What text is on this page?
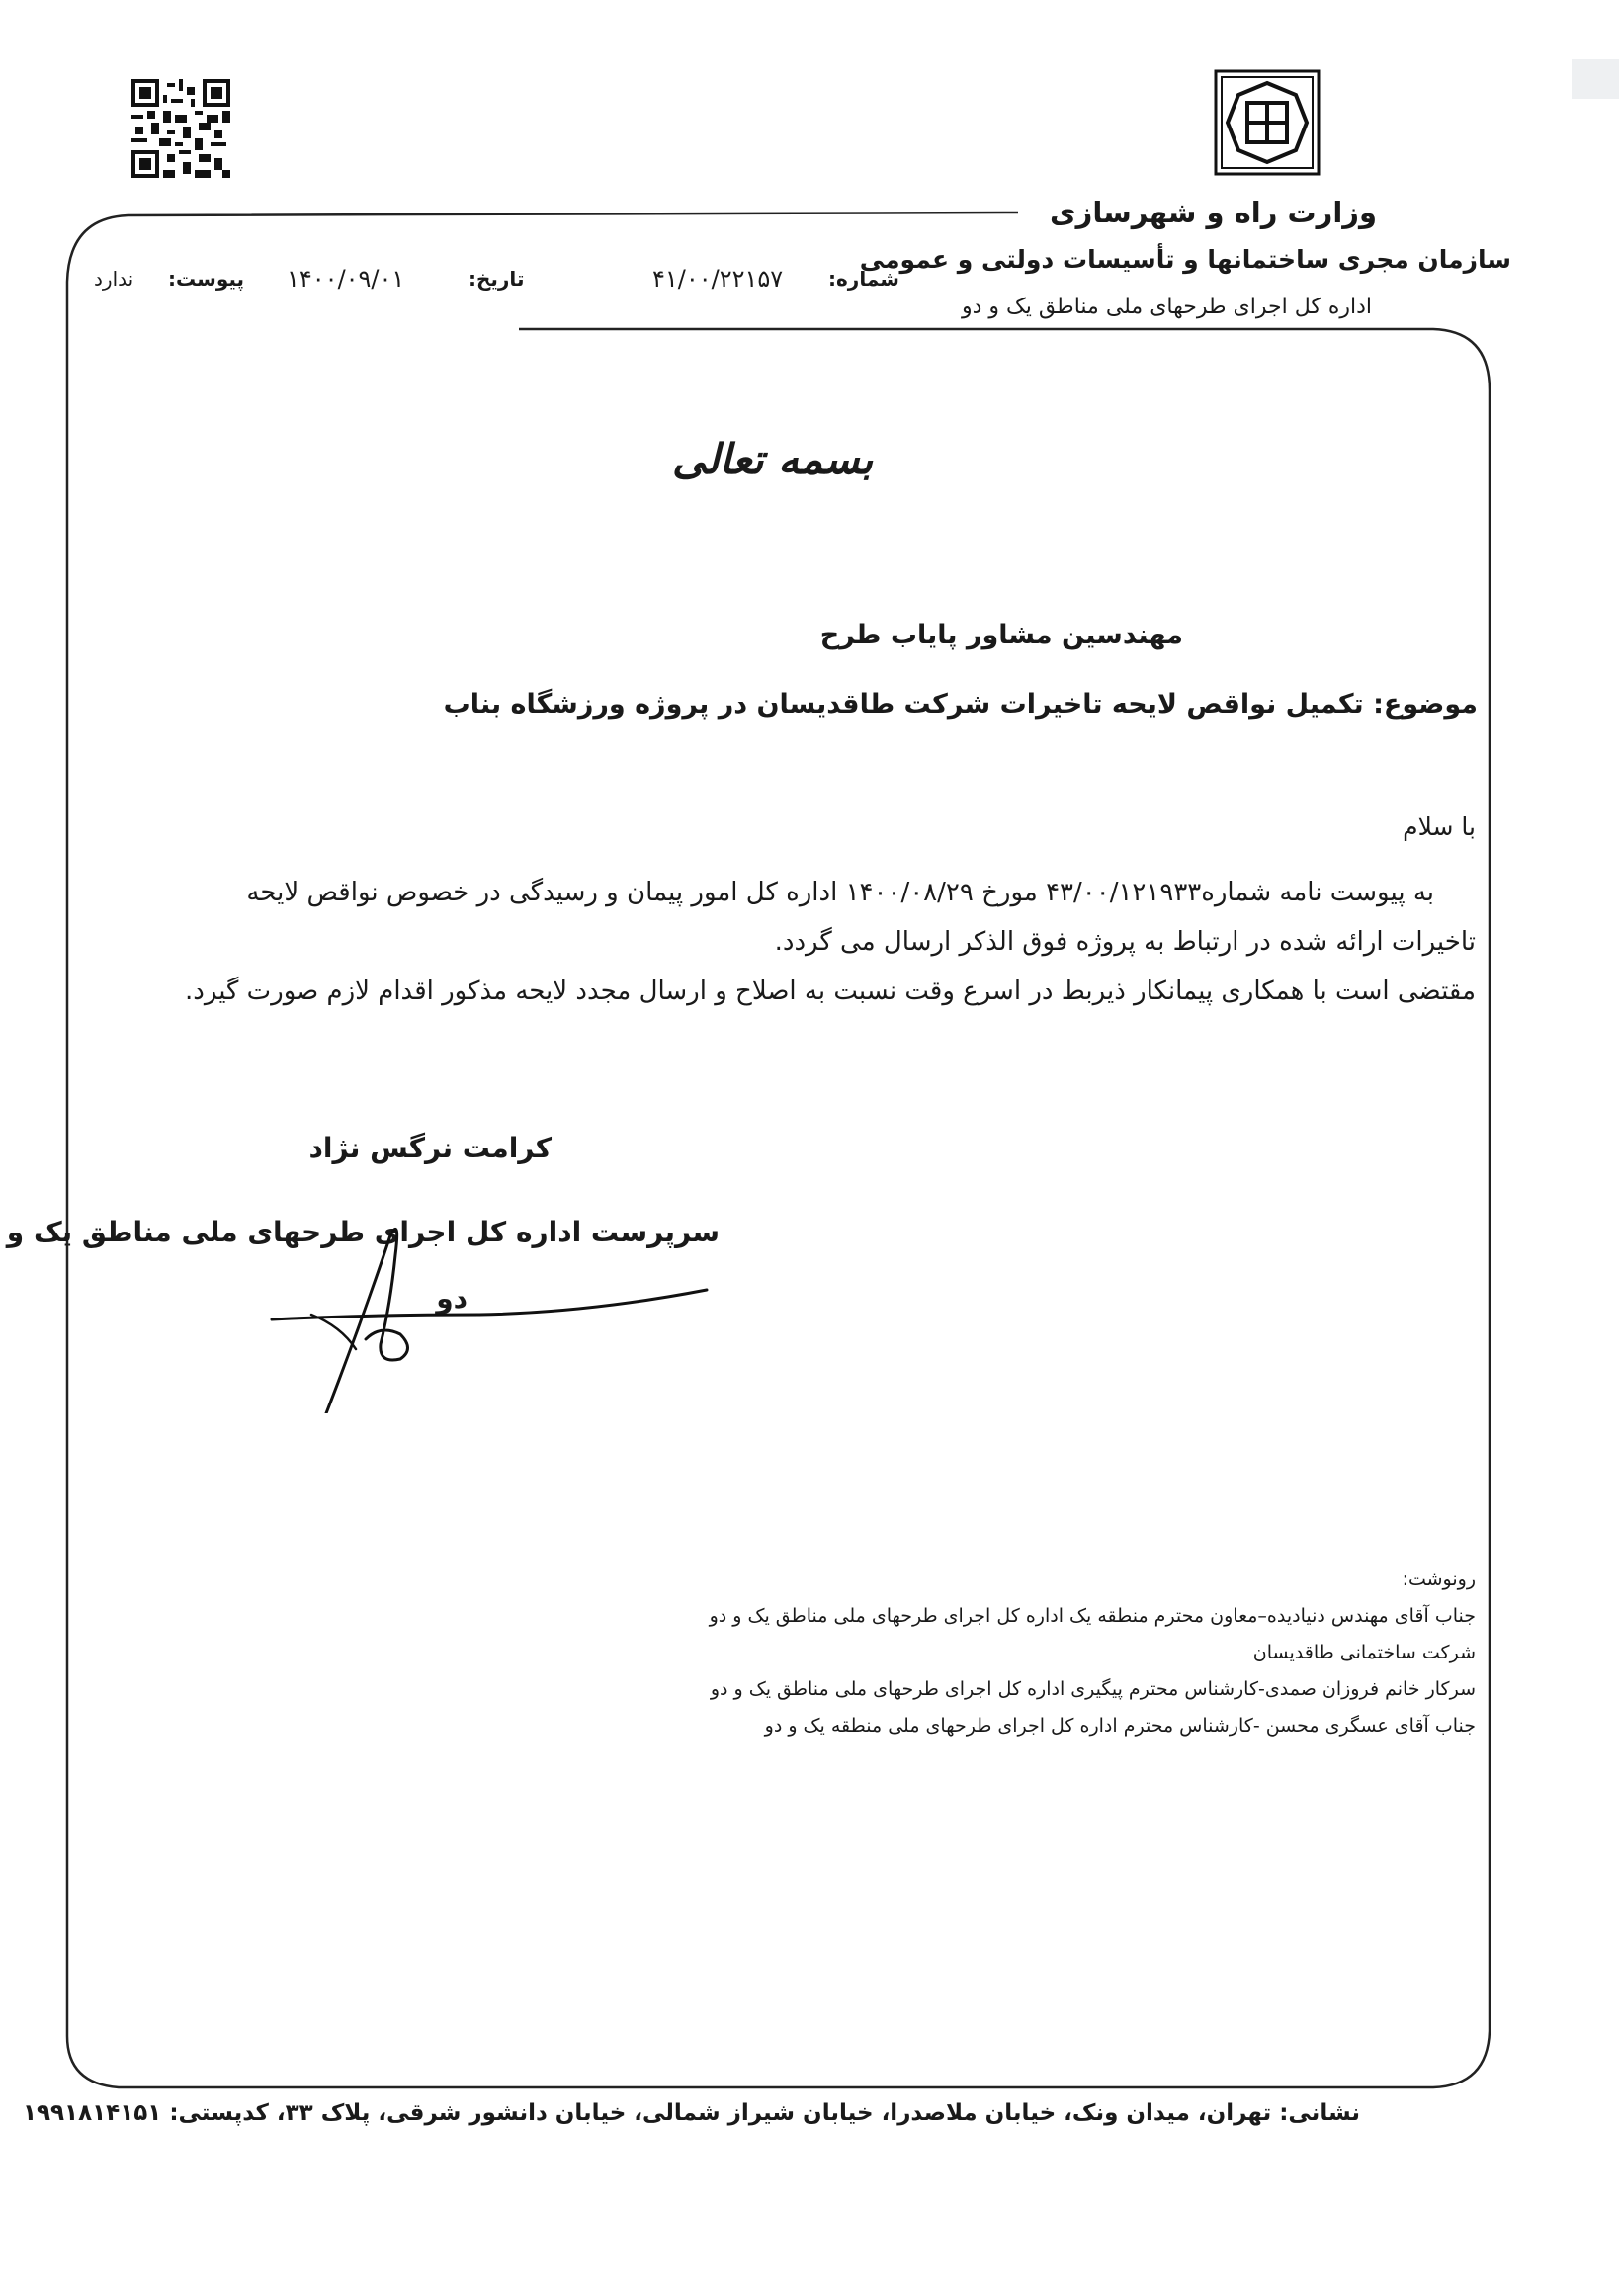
وزارت راه و شهرسازی
سازمان مجری ساختمانها و تأسیسات دولتی و عمومی
اداره کل اجرای طرحهای ملی مناطق یک و دو
شماره:
۴۱/۰۰/۲۲۱۵۷
تاریخ:
۱۴۰۰/۰۹/۰۱
پیوست:
ندارد
بسمه تعالی
مهندسین مشاور پایاب طرح
موضوع: تکمیل نواقص لایحه تاخیرات شرکت طاقدیسان در پروژه ورزشگاه بناب
با سلام

به پیوست نامه شماره۴۳/۰۰/۱۲۱۹۳۳ مورخ ۱۴۰۰/۰۸/۲۹ اداره کل امور پیمان و رسیدگی در خصوص نواقص لایحه

تاخیرات ارائه شده در ارتباط به پروژه فوق الذکر ارسال می گردد.

مقتضی است با همکاری پیمانکار ذیربط در اسرع وقت نسبت به اصلاح و ارسال مجدد لایحه مذکور اقدام لازم صورت گیرد.

کرامت نرگس نژاد
سرپرست اداره کل اجرای طرحهای ملی مناطق یک و
دو

رونوشت:

جناب آقای مهندس دنیادیده–معاون محترم منطقه یک اداره کل اجرای طرحهای ملی مناطق یک و دو

شرکت ساختمانی طاقدیسان

سرکار خانم فروزان صمدی-کارشناس محترم پیگیری اداره کل اجرای طرحهای ملی مناطق یک و دو

جناب آقای عسگری محسن -کارشناس محترم اداره کل اجرای طرحهای ملی منطقه یک و دو

نشانی: تهران، میدان ونک، خیابان ملاصدرا، خیابان شیراز شمالی، خیابان دانشور شرقی، پلاک ۳۳، کدپستی: ۱۹۹۱۸۱۴۱۵۱
